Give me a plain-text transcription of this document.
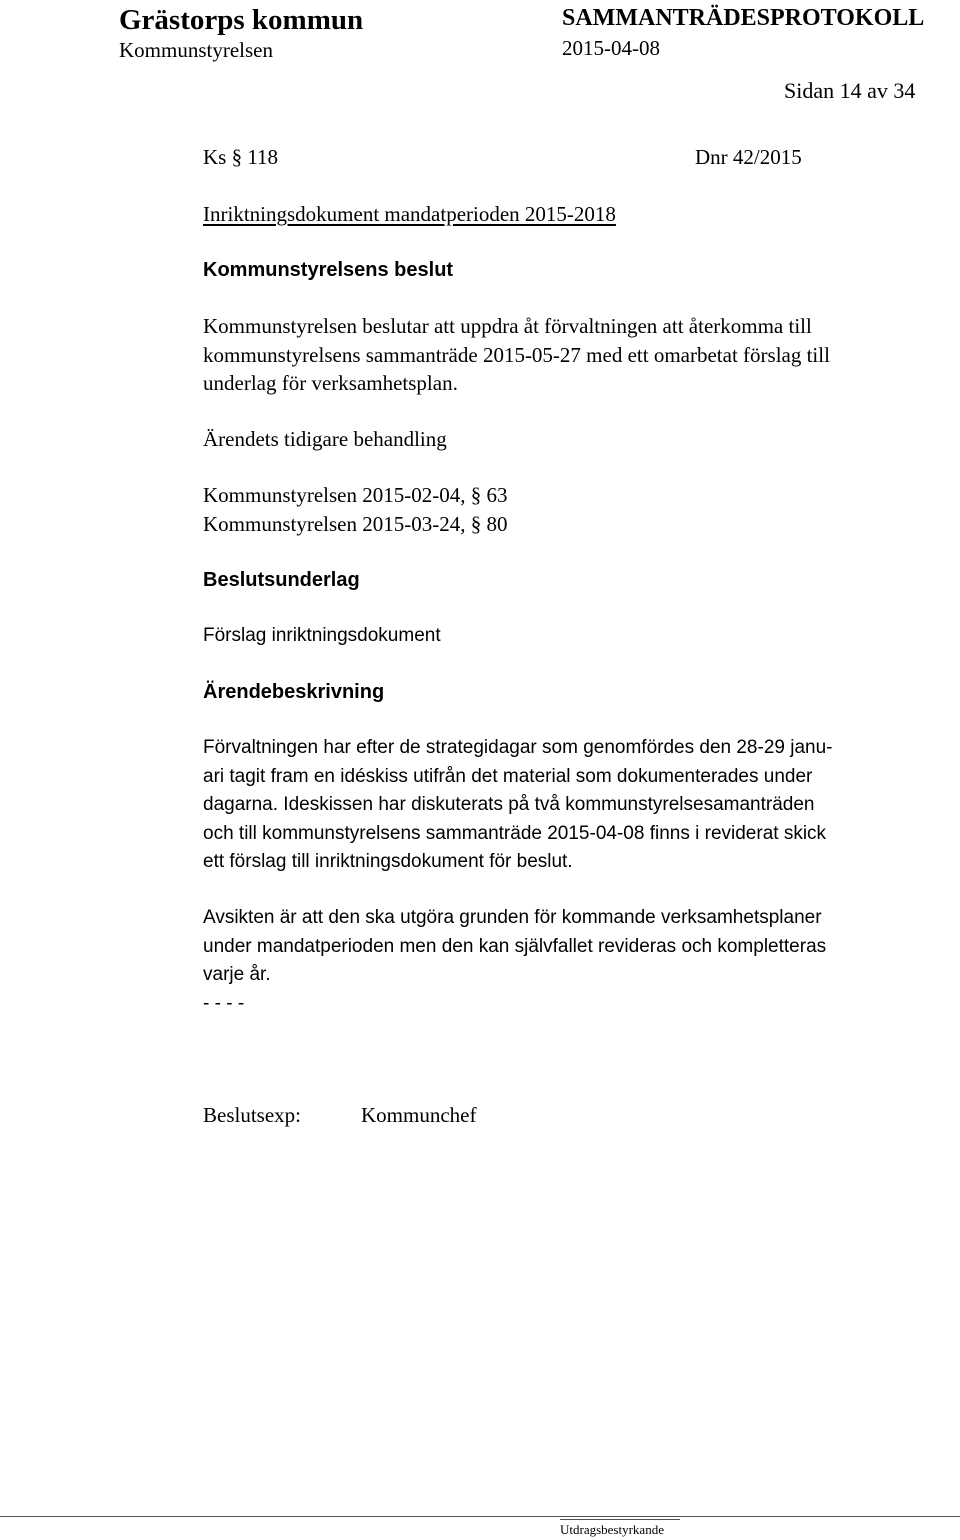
Grästorps kommun
Kommunstyrelsen
SAMMANTRÄDESPROTOKOLL
2015-04-08
Sidan 14 av 34
Ks § 118	Dnr 42/2015
Inriktningsdokument mandatperioden 2015-2018
Kommunstyrelsens beslut
Kommunstyrelsen beslutar att uppdra åt förvaltningen att återkomma till
kommunstyrelsens sammanträde 2015-05-27 med ett omarbetat förslag till
underlag för verksamhetsplan.
Ärendets tidigare behandling
Kommunstyrelsen 2015-02-04, § 63
Kommunstyrelsen 2015-03-24, § 80
Beslutsunderlag
Förslag inriktningsdokument
Ärendebeskrivning
Förvaltningen har efter de strategidagar som genomfördes den 28-29 janu-
ari tagit fram en idéskiss utifrån det material som dokumenterades under
dagarna. Ideskissen har diskuterats på två kommunstyrelsesamanträden
och till kommunstyrelsens sammanträde 2015-04-08 finns i reviderat skick
ett förslag till inriktningsdokument för beslut.
Avsikten är att den ska utgöra grunden för kommande verksamhetsplaner
under mandatperioden men den kan självfallet revideras och kompletteras
varje år.
- - - -
Beslutsexp:	Kommunchef
Utdragsbestyrkande
